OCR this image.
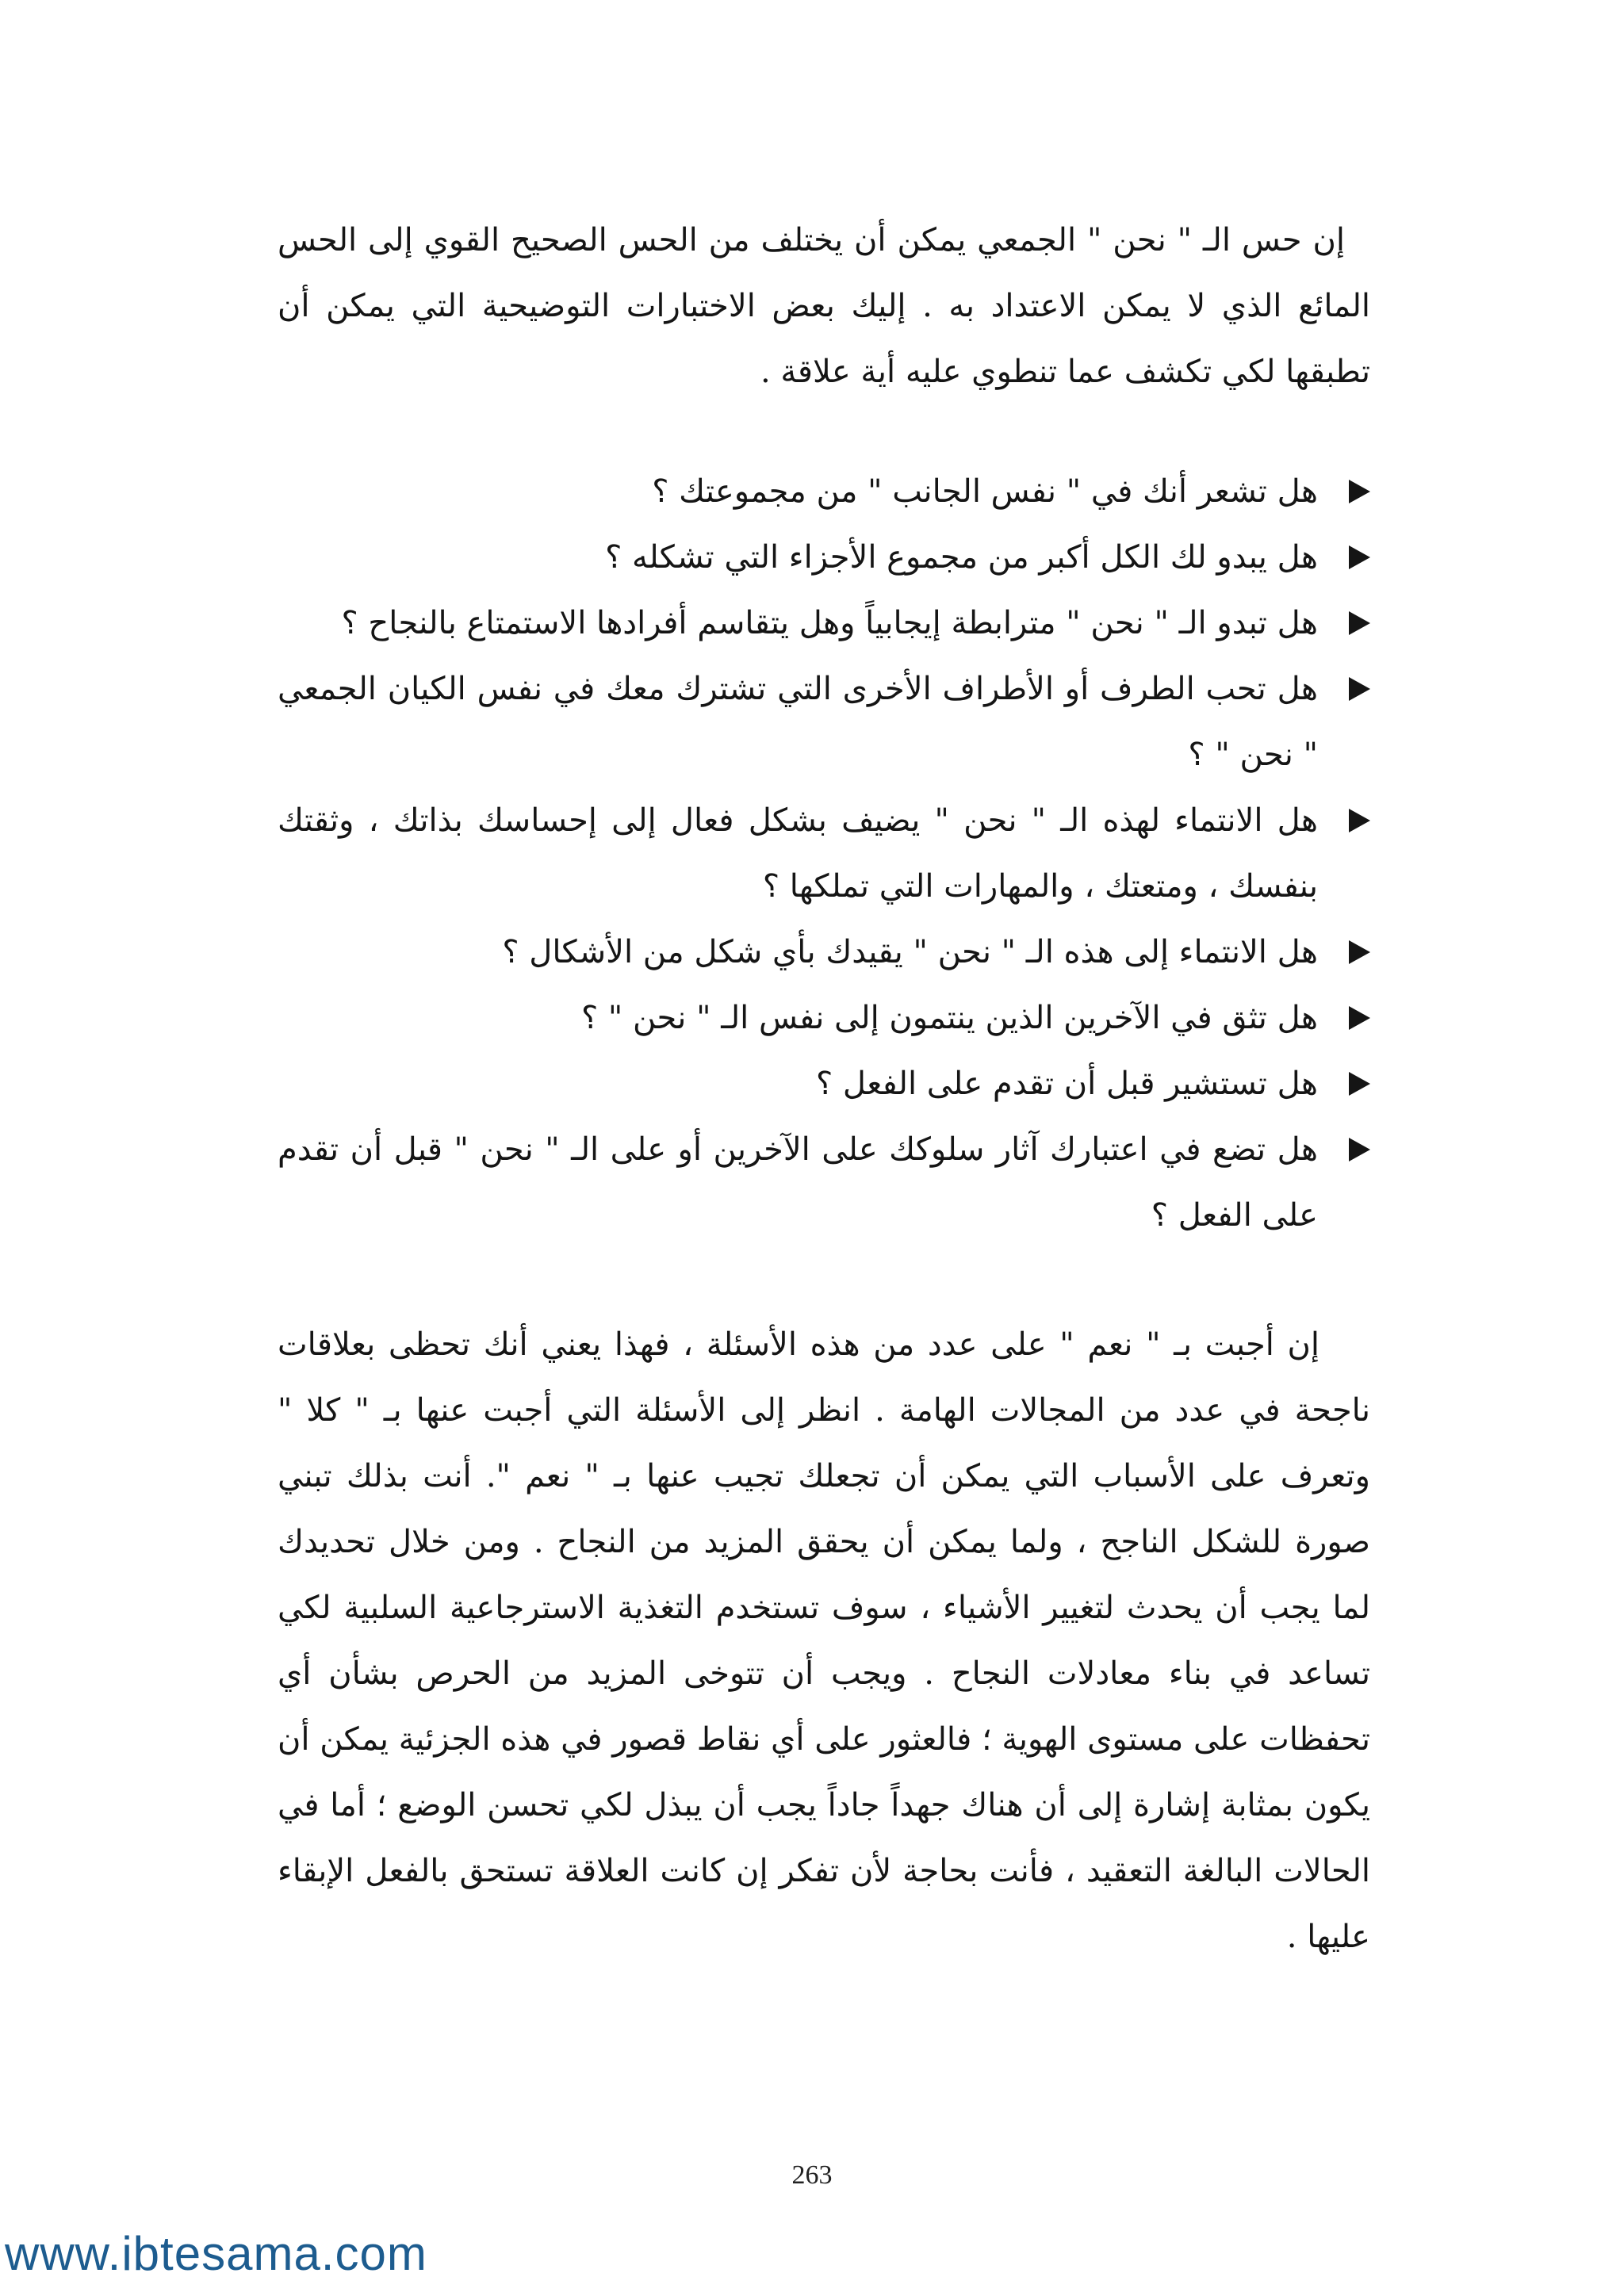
إن حس الـ " نحن " الجمعي يمكن أن يختلف من الحس الصحيح القوي إلى الحس المائع الذي لا يمكن الاعتداد به . إليك بعض الاختبارات التوضيحية التي يمكن أن تطبقها لكي تكشف عما تنطوي عليه أية علاقة .

هل تشعر أنك في " نفس الجانب " من مجموعتك ؟
هل يبدو لك الكل أكبر من مجموع الأجزاء التي تشكله ؟
هل تبدو الـ " نحن " مترابطة إيجابياً وهل يتقاسم أفرادها الاستمتاع بالنجاح ؟
هل تحب الطرف أو الأطراف الأخرى التي تشترك معك في نفس الكيان الجمعي " نحن " ؟
هل الانتماء لهذه الـ " نحن " يضيف بشكل فعال إلى إحساسك بذاتك ، وثقتك بنفسك ، ومتعتك ، والمهارات التي تملكها ؟
هل الانتماء إلى هذه الـ " نحن " يقيدك بأي شكل من الأشكال ؟
هل تثق في الآخرين الذين ينتمون إلى نفس الـ " نحن " ؟
هل تستشير قبل أن تقدم على الفعل ؟
هل تضع في اعتبارك آثار سلوكك على الآخرين أو على الـ " نحن " قبل أن تقدم على الفعل ؟

إن أجبت بـ " نعم " على عدد من هذه الأسئلة ، فهذا يعني أنك تحظى بعلاقات ناجحة في عدد من المجالات الهامة . انظر إلى الأسئلة التي أجبت عنها بـ " كلا " وتعرف على الأسباب التي يمكن أن تجعلك تجيب عنها بـ " نعم ". أنت بذلك تبني صورة للشكل الناجح ، ولما يمكن أن يحقق المزيد من النجاح . ومن خلال تحديدك لما يجب أن يحدث لتغيير الأشياء ، سوف تستخدم التغذية الاسترجاعية السلبية لكي تساعد في بناء معادلات النجاح . ويجب أن تتوخى المزيد من الحرص بشأن أي تحفظات على مستوى الهوية ؛ فالعثور على أي نقاط قصور في هذه الجزئية يمكن أن يكون بمثابة إشارة إلى أن هناك جهداً جاداً يجب أن يبذل لكي تحسن الوضع ؛ أما في الحالات البالغة التعقيد ، فأنت بحاجة لأن تفكر إن كانت العلاقة تستحق بالفعل الإبقاء عليها .

263
www.ibtesama.com
